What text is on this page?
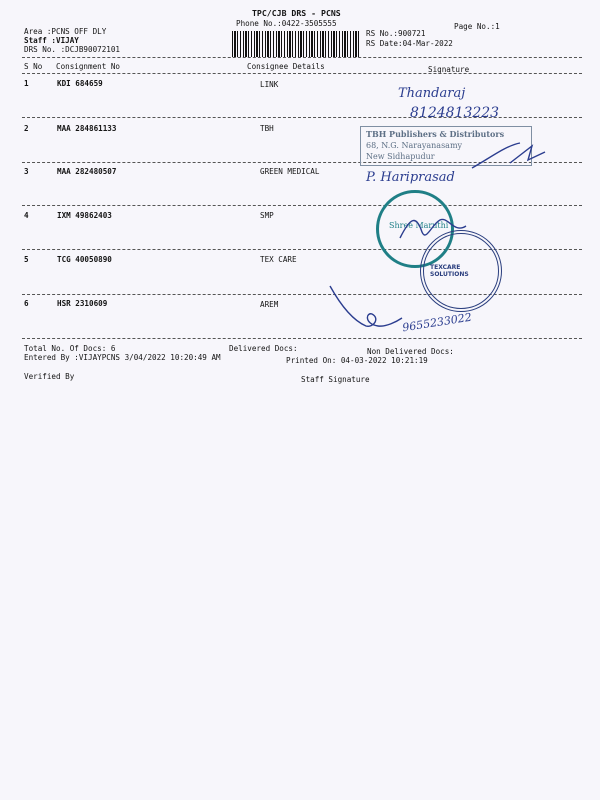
TPC/CJB DRS - PCNS
Phone No.:0422-3505555	Page No.:1
Area :PCNS OFF DLY
Staff :VIJAY
DRS No. :DCJB90072101
RS No.:900721
RS Date:04-Mar-2022
S No Consignment No	Consignee Details	Signature
1	KDI 684659	LINK
2	MAA 284861133	TBH
3	MAA 282480507	GREEN MEDICAL
4	IXM 49862403	SMP
5	TCG 40050890	TEX CARE
6	HSR 2310609	AREM
Total No. Of Docs: 6	Delivered Docs:	Non Delivered Docs:
Entered By :VIJAYPCNS 3/04/2022 10:20:49 AM	Printed On: 04-03-2022 10:21:19
Verified By	Staff Signature
Thandaraj
8124813223
TBH Publishers & Distributors
68, N.G. Narayanasamy
New Sidhapudur
P. Hariprasad
Shree Maruthi
TEXCARE SOLUTIONS
9655233022
